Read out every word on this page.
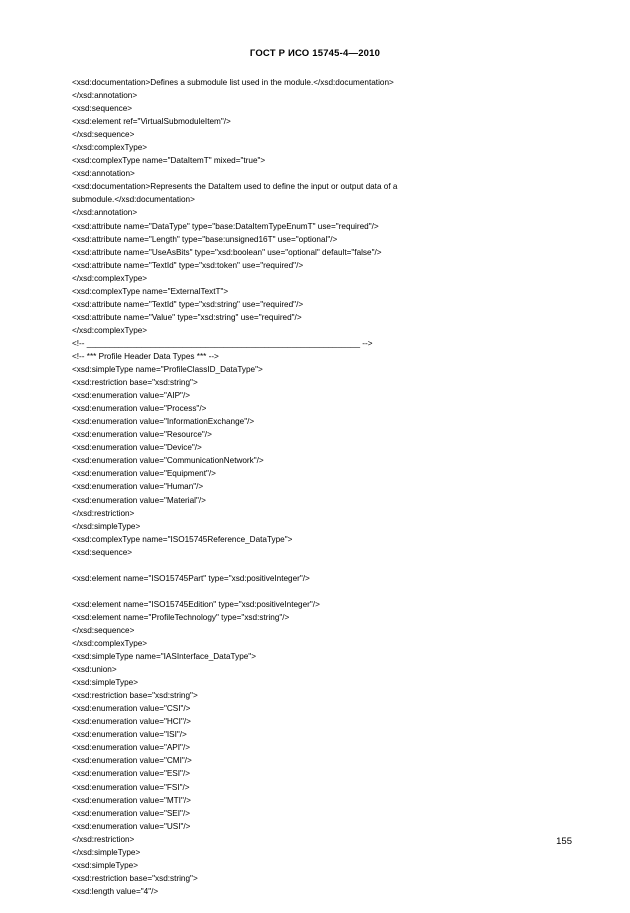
ГОСТ Р ИСО 15745-4—2010
<xsd:documentation>Defines a submodule list used in the module.</xsd:documentation>
</xsd:annotation>
<xsd:sequence>
<xsd:element ref="VirtualSubmoduleItem"/>
</xsd:sequence>
</xsd:complexType>
<xsd:complexType name="DataItemT" mixed="true">
<xsd:annotation>
<xsd:documentation>Represents the DataItem used to define the input or output data of a
submodule.</xsd:documentation>
</xsd:annotation>
<xsd:attribute name="DataType" type="base:DataItemTypeEnumT" use="required"/>
<xsd:attribute name="Length" type="base:unsigned16T" use="optional"/>
<xsd:attribute name="UseAsBits" type="xsd:boolean" use="optional" default="false"/>
<xsd:attribute name="TextId" type="xsd:token" use="required"/>
</xsd:complexType>
<xsd:complexType name="ExternalTextT">
<xsd:attribute name="TextId" type="xsd:string" use="required"/>
<xsd:attribute name="Value" type="xsd:string" use="required"/>
</xsd:complexType>
<!-- ____________________________________________________________ -->
<!-- *** Profile Header Data Types *** -->
<xsd:simpleType name="ProfileClassID_DataType">
<xsd:restriction base="xsd:string">
<xsd:enumeration value="AIP"/>
<xsd:enumeration value="Process"/>
<xsd:enumeration value="InformationExchange"/>
<xsd:enumeration value="Resource"/>
<xsd:enumeration value="Device"/>
<xsd:enumeration value="CommunicationNetwork"/>
<xsd:enumeration value="Equipment"/>
<xsd:enumeration value="Human"/>
<xsd:enumeration value="Material"/>
</xsd:restriction>
</xsd:simpleType>
<xsd:complexType name="ISO15745Reference_DataType">
<xsd:sequence>

<xsd:element name="ISO15745Part" type="xsd:positiveInteger"/>

<xsd:element name="ISO15745Edition" type="xsd:positiveInteger"/>
<xsd:element name="ProfileTechnology" type="xsd:string"/>
</xsd:sequence>
</xsd:complexType>
<xsd:simpleType name="IASInterface_DataType">
<xsd:union>
<xsd:simpleType>
<xsd:restriction base="xsd:string">
<xsd:enumeration value="CSI"/>
<xsd:enumeration value="HCI"/>
<xsd:enumeration value="ISI"/>
<xsd:enumeration value="API"/>
<xsd:enumeration value="CMI"/>
<xsd:enumeration value="ESI"/>
<xsd:enumeration value="FSI"/>
<xsd:enumeration value="MTI"/>
<xsd:enumeration value="SEI"/>
<xsd:enumeration value="USI"/>
</xsd:restriction>
</xsd:simpleType>
<xsd:simpleType>
<xsd:restriction base="xsd:string">
<xsd:length value="4"/>
155
